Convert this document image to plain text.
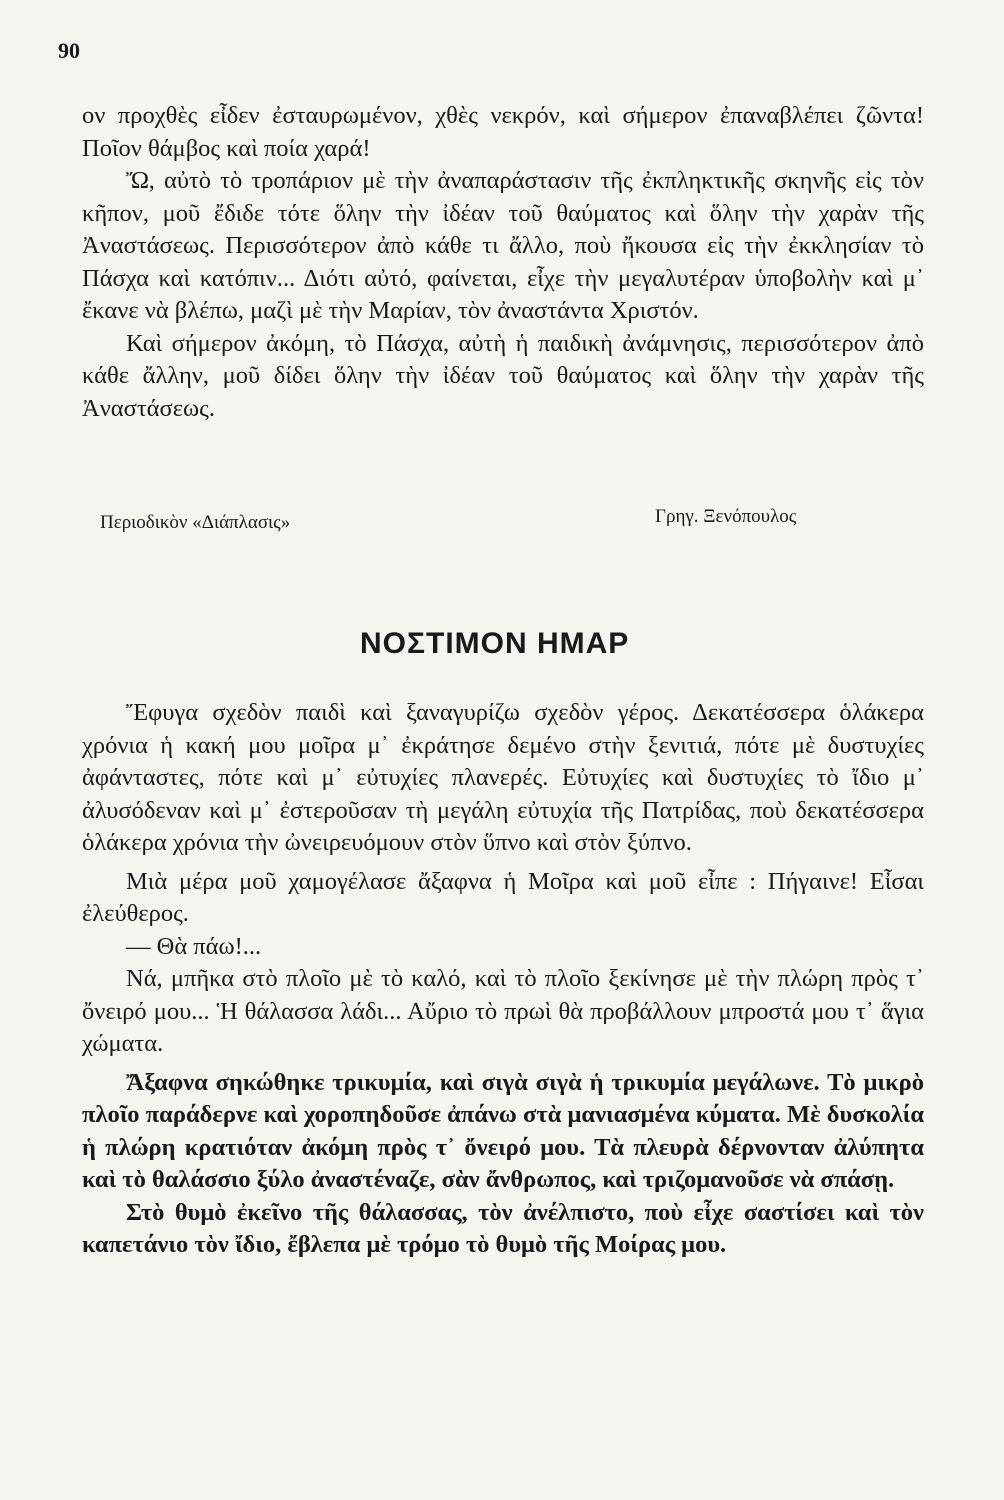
90

ον προχθὲς εἶδεν ἐσταυρωμένον, χθὲς νεκρόν, καὶ σήμερον ἐπαναβλέπει ζῶντα! Ποῖον θάμβος καὶ ποία χαρά!

Ὤ, αὐτὸ τὸ τροπάριον μὲ τὴν ἀναπαράστασιν τῆς ἐκπληκτικῆς σκηνῆς εἰς τὸν κῆπον, μοῦ ἔδιδε τότε ὅλην τὴν ἰδέαν τοῦ θαύματος καὶ ὅλην τὴν χαρὰν τῆς Ἀναστάσεως. Περισσότερον ἀπὸ κάθε τι ἄλλο, ποὺ ἤκουσα εἰς τὴν ἐκκλησίαν τὸ Πάσχα καὶ κατόπιν... Διότι αὐτό, φαίνεται, εἶχε τὴν μεγαλυτέραν ὑποβολὴν καὶ μ᾽ ἔκανε νὰ βλέπω, μαζὶ μὲ τὴν Μαρίαν, τὸν ἀναστάντα Χριστόν.

Καὶ σήμερον ἀκόμη, τὸ Πάσχα, αὐτὴ ἡ παιδικὴ ἀνάμνησις, περισσότερον ἀπὸ κάθε ἄλλην, μοῦ δίδει ὅλην τὴν ἰδέαν τοῦ θαύματος καὶ ὅλην τὴν χαρὰν τῆς Ἀναστάσεως.

Περιοδικὸν «Διάπλασις»	Γρηγ. Ξενόπουλος
ΝΟΣΤΙΜΟΝ ΗΜΑΡ

Ἔφυγα σχεδὸν παιδὶ καὶ ξαναγυρίζω σχεδὸν γέρος. Δεκατέσσερα ὁλάκερα χρόνια ἡ κακή μου μοῖρα μ᾽ ἐκράτησε δεμένο στὴν ξενιτιά, πότε μὲ δυστυχίες ἀφάνταστες, πότε καὶ μ᾽ εὐτυχίες πλανερές. Εὐτυχίες καὶ δυστυχίες τὸ ἴδιο μ᾽ ἀλυσόδεναν καὶ μ᾽ ἐστεροῦσαν τὴ μεγάλη εὐτυχία τῆς Πατρίδας, ποὺ δεκατέσσερα ὁλάκερα χρόνια τὴν ὠνειρευόμουν στὸν ὕπνο καὶ στὸν ξύπνο.

Μιὰ μέρα μοῦ χαμογέλασε ἄξαφνα ἡ Μοῖρα καὶ μοῦ εἶπε : Πήγαινε! Εἶσαι ἐλεύθερος.

— Θὰ πάω!...

Νά, μπῆκα στὸ πλοῖο μὲ τὸ καλό, καὶ τὸ πλοῖο ξεκίνησε μὲ τὴν πλώρη πρὸς τ᾽ ὄνειρό μου... Ἡ θάλασσα λάδι... Αὔριο τὸ πρωὶ θὰ προβάλλουν μπροστά μου τ᾽ ἅγια χώματα.

Ἄξαφνα σηκώθηκε τρικυμία, καὶ σιγὰ σιγὰ ἡ τρικυμία μεγάλωνε. Τὸ μικρὸ πλοῖο παράδερνε καὶ χοροπηδοῦσε ἀπάνω στὰ μανιασμένα κύματα. Μὲ δυσκολία ἡ πλώρη κρατιόταν ἀκόμη πρὸς τ᾽ ὄνειρό μου. Τὰ πλευρὰ δέρνονταν ἀλύπητα καὶ τὸ θαλάσσιο ξύλο ἀναστέναζε, σὰν ἄνθρωπος, καὶ τριζομανοῦσε νὰ σπάσῃ.

Στὸ θυμὸ ἐκεῖνο τῆς θάλασσας, τὸν ἀνέλπιστο, ποὺ εἶχε σαστίσει καὶ τὸν καπετάνιο τὸν ἴδιο, ἔβλεπα μὲ τρόμο τὸ θυμὸ τῆς Μοίρας μου.
